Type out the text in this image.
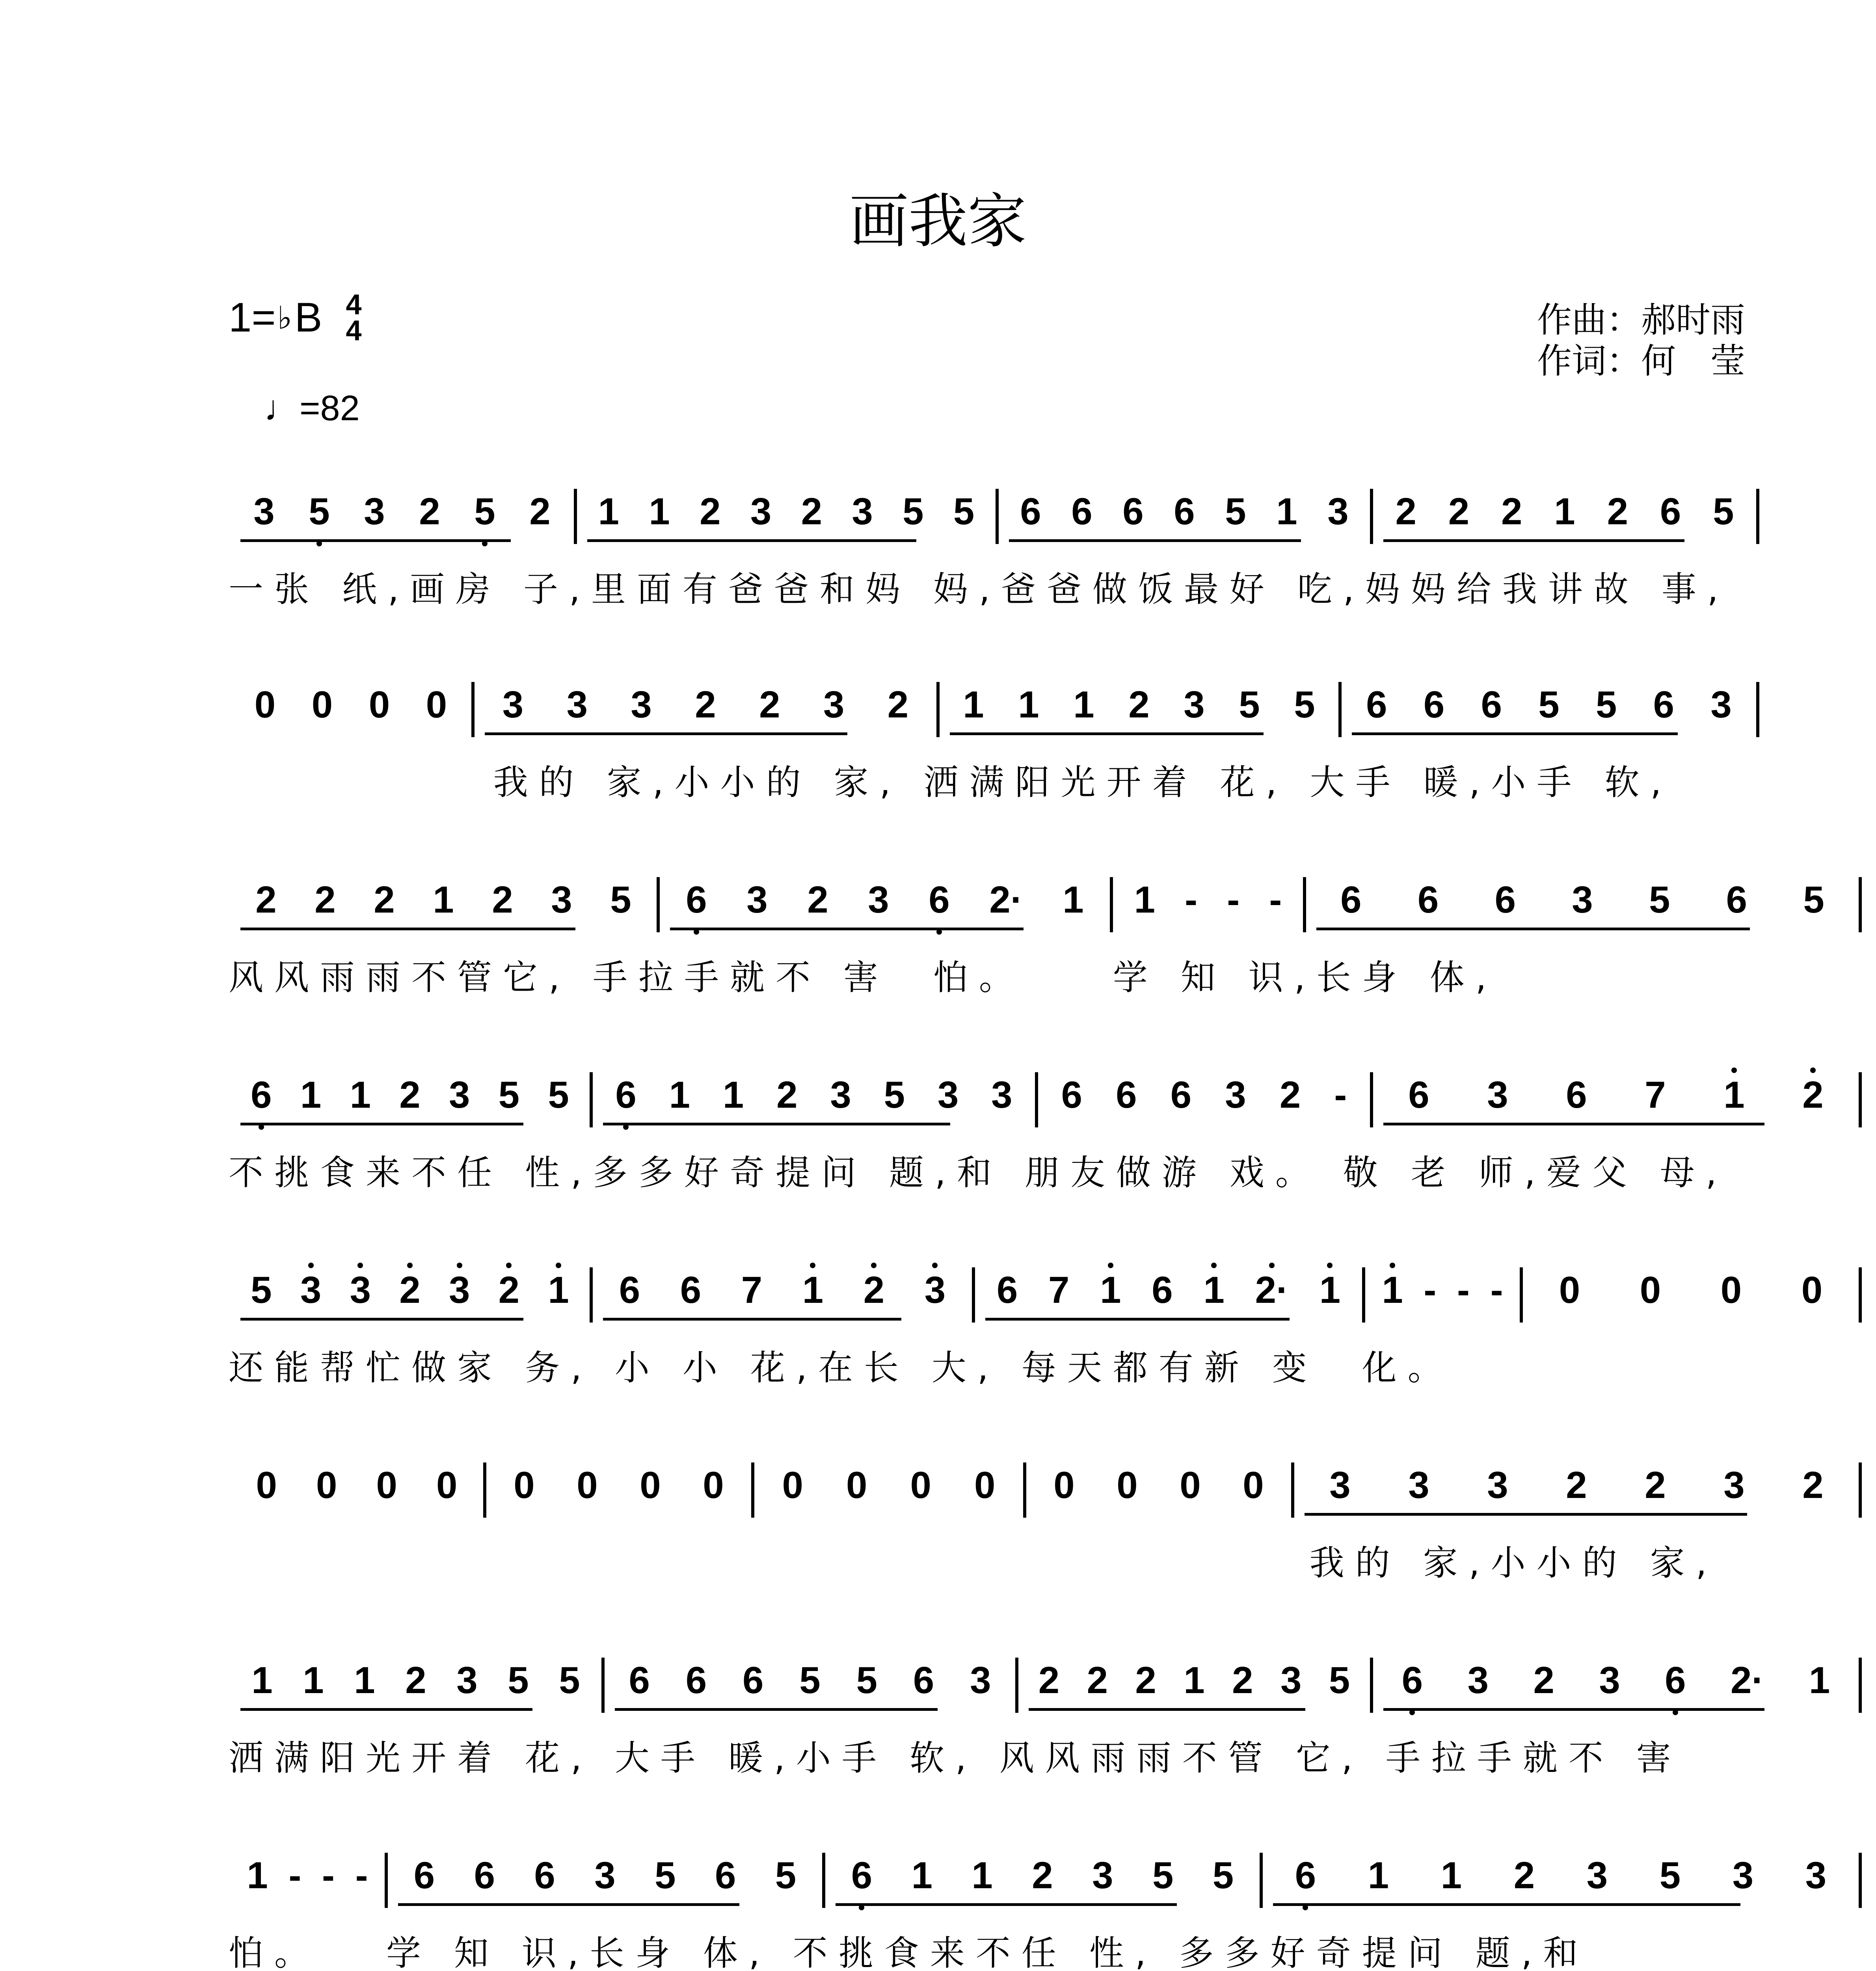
画我家
1= ♭ B 4
4
♩ =82
作曲：郝时雨
作词：何　莹
3 5 3 2 5 2 1 1 2 3 2 3 5 5 6 6 6 6 5 1 3 2 2 2 1 2 6 5
一张 纸,画房 子,里面有爸爸和妈 妈,爸爸做饭最好 吃,妈妈给我讲故 事,
0 0 0 0 3 3 3 2 2 3 2 1 1 1 2 3 5 5 6 6 6 5 5 6 3
我的 家,小小的 家, 洒满阳光开着 花, 大手 暖,小手 软,
2 2 2 1 2 3 5 6 3 2 3 6 2· 1 1 - - - 6 6 6 3 5 6 5
风风雨雨不管它, 手拉手就不 害  怕。    学 知 识,长身 体,
6 1 1 2 3 5 5 6 1 1 2 3 5 3 3 6 6 6 3 2 - 6 3 6 7 1 2
不挑食来不任 性,多多好奇提问 题,和 朋友做游 戏。 敬 老 师,爱父 母,
5 3 3 2 3 2 1 6 6 7 1 2 3 6 7 1 6 1 2· 1 1 - - - 0 0 0 0
还能帮忙做家 务, 小 小 花,在长 大, 每天都有新 变  化。
0 0 0 0 0 0 0 0 0 0 0 0 0 0 0 0 3 3 3 2 2 3 2
我的 家,小小的 家,
1 1 1 2 3 5 5 6 6 6 5 5 6 3 2 2 2 1 2 3 5 6 3 2 3 6 2· 1
洒满阳光开着 花, 大手 暖,小手 软, 风风雨雨不管 它, 手拉手就不 害
1 - - - 6 6 6 3 5 6 5 6 1 1 2 3 5 5 6 1 1 2 3 5 3 3
怕。   学 知 识,长身 体, 不挑食来不任 性, 多多好奇提问 题,和
